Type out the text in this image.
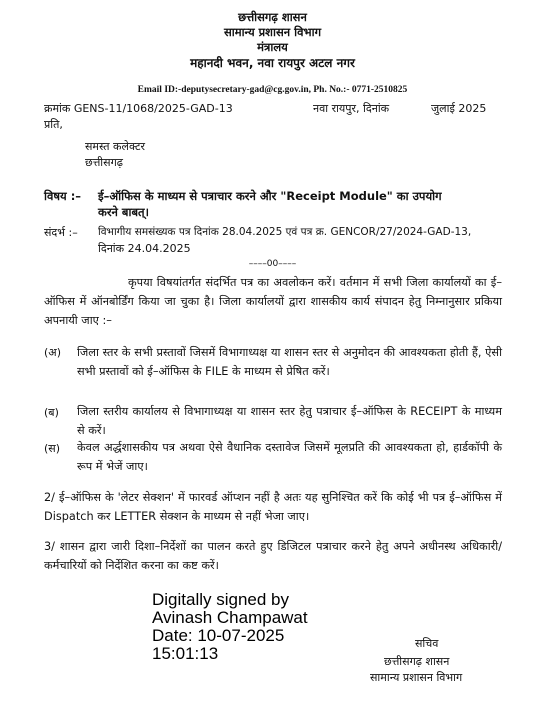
छत्तीसगढ़ शासन
सामान्य प्रशासन विभाग
मंत्रालय
महानदी भवन, नवा रायपुर अटल नगर
Email ID:-deputysecretary-gad@cg.gov.in, Ph. No.:- 0771-2510825
क्रमांक GENS-11/1068/2025-GAD-13	नवा रायपुर, दिनांक	जुलाई 2025
प्रति,
समस्त कलेक्टर
छत्तीसगढ़
विषय :– ई–ऑफिस के माध्यम से पत्राचार करने और "Receipt Module" का उपयोग
करने बाबत्।
संदर्भ :– विभागीय समसंख्यक पत्र दिनांक 28.04.2025 एवं पत्र क्र. GENCOR/27/2024-GAD-13,
दिनांक 24.04.2025
––––00––––
कृपया विषयांतर्गत संदर्भित पत्र का अवलोकन करें। वर्तमान में सभी जिला कार्यालयों का ई–ऑफिस में ऑनबोर्डिंग किया जा चुका है। जिला कार्यालयों द्वारा शासकीय कार्य संपादन हेतु निम्नानुसार प्रकिया अपनायी जाए :–
(अ) जिला स्तर के सभी प्रस्तावों जिसमें विभागाध्यक्ष या शासन स्तर से अनुमोदन की आवश्यकता होती हैं, ऐसी सभी प्रस्तावों को ई–ऑफिस के FILE के माध्यम से प्रेषित करें।
(ब) जिला स्तरीय कार्यालय से विभागाध्यक्ष या शासन स्तर हेतु पत्राचार ई–ऑफिस के RECEIPT के माध्यम से करें।
(स) केवल अर्द्धशासकीय पत्र अथवा ऐसे वैधानिक दस्तावेज जिसमें मूलप्रति की आवश्यकता हो, हार्डकॉपी के रूप में भेजें जाए।
2/ ई–ऑफिस के 'लेटर सेक्शन' में फारवर्ड ऑप्शन नहीं है अतः यह सुनिश्चित करें कि कोई भी पत्र ई–ऑफिस में Dispatch कर LETTER सेक्शन के माध्यम से नहीं भेजा जाए।
3/ शासन द्वारा जारी दिशा–निर्देशों का पालन करते हुए डिजिटल पत्राचार करने हेतु अपने अधीनस्थ अधिकारी/कर्मचारियों को निर्देशित करना का कष्ट करें।
Digitally signed by
Avinash Champawat
Date: 10-07-2025
15:01:13
सचिव
छत्तीसगढ़ शासन
सामान्य प्रशासन विभाग
